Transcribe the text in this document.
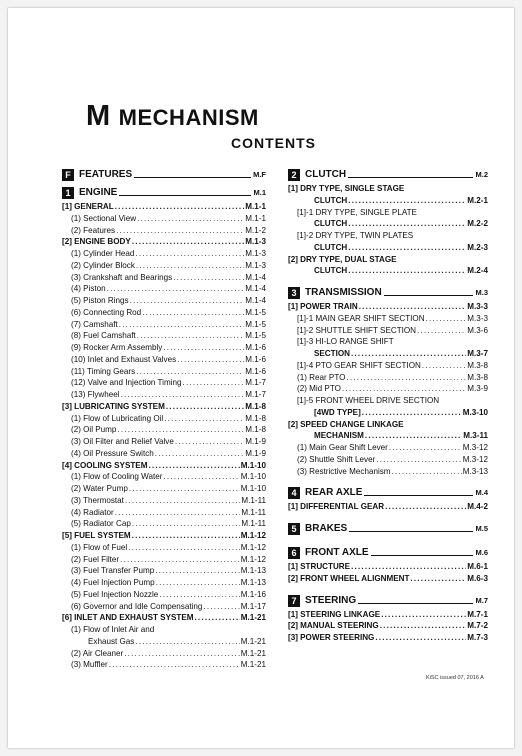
M MECHANISM
CONTENTS
F FEATURES	M.F
1 ENGINE	M.1
[1] GENERAL .....	M.1-1
(1) Sectional View .....	M.1-1
(2) Features .....	M.1-2
[2] ENGINE BODY .....	M.1-3
(1) Cylinder Head .....	M.1-3
(2) Cylinder Block .....	M.1-3
(3) Crankshaft and Bearings .....	M.1-4
(4) Piston .....	M.1-4
(5) Piston Rings .....	M.1-4
(6) Connecting Rod .....	M.1-5
(7) Camshaft .....	M.1-5
(8) Fuel Camshaft .....	M.1-5
(9) Rocker Arm Assembly .....	M.1-6
(10) Inlet and Exhaust Valves .....	M.1-6
(11) Timing Gears .....	M.1-6
(12) Valve and Injection Timing .....	M.1-7
(13) Flywheel .....	M.1-7
[3] LUBRICATING SYSTEM .....	M.1-8
(1) Flow of Lubricating Oil .....	M.1-8
(2) Oil Pump .....	M.1-8
(3) Oil Filter and Relief Valve .....	M.1-9
(4) Oil Pressure Switch .....	M.1-9
[4] COOLING SYSTEM .....	M.1-10
(1) Flow of Cooling Water .....	M.1-10
(2) Water Pump .....	M.1-10
(3) Thermostat .....	M.1-11
(4) Radiator .....	M.1-11
(5) Radiator Cap .....	M.1-11
[5] FUEL SYSTEM .....	M.1-12
(1) Flow of Fuel .....	M.1-12
(2) Fuel Filter .....	M.1-12
(3) Fuel Transfer Pump .....	M.1-13
(4) Fuel Injection Pump .....	M.1-13
(5) Fuel Injection Nozzle .....	M.1-16
(6) Governor and Idle Compensating .....	M.1-17
[6] INLET AND EXHAUST SYSTEM .....	M.1-21
(1) Flow of Inlet Air and
Exhaust Gas .....	M.1-21
(2) Air Cleaner .....	M.1-21
(3) Muffler .....	M.1-21
2 CLUTCH	M.2
[1] DRY TYPE, SINGLE STAGE
CLUTCH .....	M.2-1
[1]-1 DRY TYPE, SINGLE PLATE
CLUTCH .....	M.2-2
[1]-2 DRY TYPE, TWIN PLATES
CLUTCH .....	M.2-3
[2] DRY TYPE, DUAL STAGE
CLUTCH .....	M.2-4
3 TRANSMISSION	M.3
[1] POWER TRAIN .....	M.3-3
[1]-1 MAIN GEAR SHIFT SECTION .....	M.3-3
[1]-2 SHUTTLE SHIFT SECTION .....	M.3-6
[1]-3 HI-LO RANGE SHIFT
SECTION .....	M.3-7
[1]-4 PTO GEAR SHIFT SECTION .....	M.3-8
(1) Rear PTO .....	M.3-8
(2) Mid PTO .....	M.3-9
[1]-5 FRONT WHEEL DRIVE SECTION
[4WD TYPE] .....	M.3-10
[2] SPEED CHANGE LINKAGE
MECHANISM .....	M.3-11
(1) Main Gear Shift Lever .....	M.3-12
(2) Shuttle Shift Lever .....	M.3-12
(3) Restrictive Mechanism .....	M.3-13
4 REAR AXLE	M.4
[1] DIFFERENTIAL GEAR .....	M.4-2
5 BRAKES	M.5
6 FRONT AXLE	M.6
[1] STRUCTURE .....	M.6-1
[2] FRONT WHEEL ALIGNMENT .....	M.6-3
7 STEERING	M.7
[1] STEERING LINKAGE .....	M.7-1
[2] MANUAL STEERING .....	M.7-2
[3] POWER STEERING .....	M.7-3
KiSC issued 07, 2016 A
